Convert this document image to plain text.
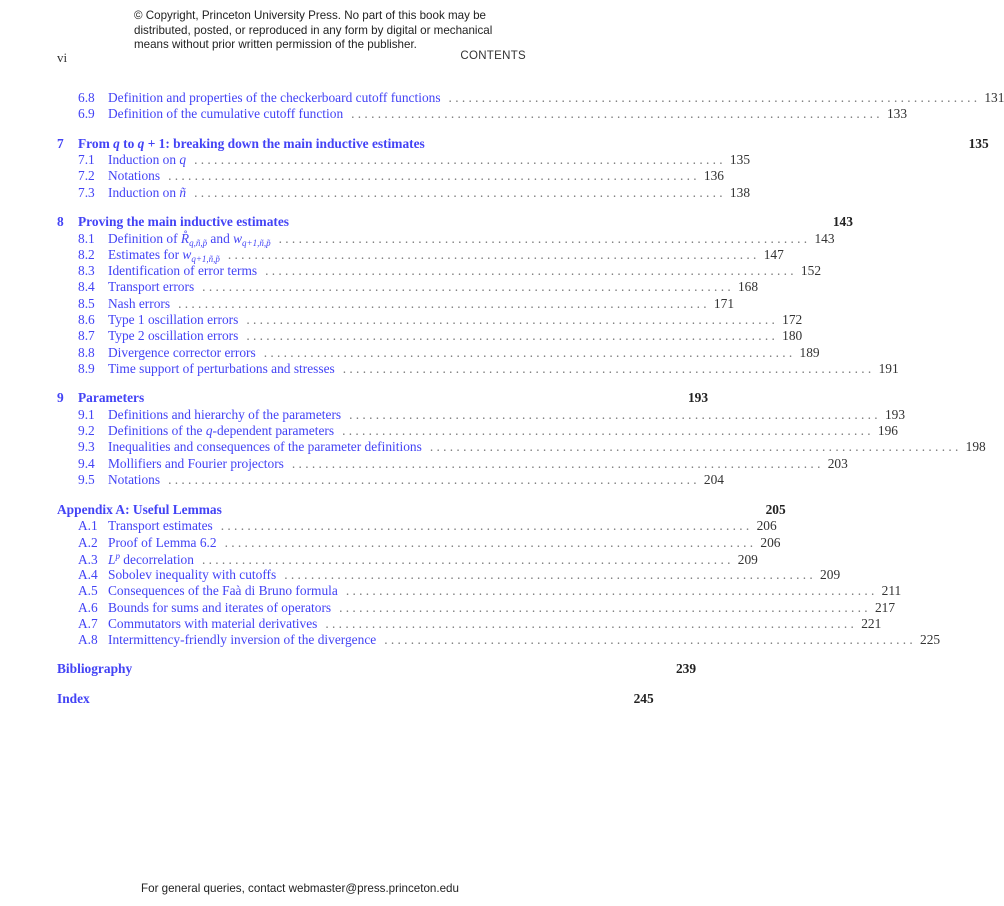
© Copyright, Princeton University Press. No part of this book may be distributed, posted, or reproduced in any form by digital or mechanical means without prior written permission of the publisher.
vi	CONTENTS
6.8 Definition and properties of the checkerboard cutoff functions ................................................................................ 131
6.9 Definition of the cumulative cutoff function ................................................................................ 133
7	From q to q + 1: breaking down the main inductive estimates	135
7.1 Induction on q ................................................................................ 135
7.2 Notations ................................................................................ 136
7.3 Induction on ñ ................................................................................ 138
8	Proving the main inductive estimates	143
8.1 Definition of $R̊_{q,ñ,p̃}$ and $w_{q+1,ñ,p̃}$ ................................................................................ 143
8.2 Estimates for $w_{q+1,ñ,p̃}$ ................................................................................ 147
8.3 Identification of error terms ................................................................................ 152
8.4 Transport errors ................................................................................ 168
8.5 Nash errors ................................................................................ 171
8.6 Type 1 oscillation errors ................................................................................ 172
8.7 Type 2 oscillation errors ................................................................................ 180
8.8 Divergence corrector errors ................................................................................ 189
8.9 Time support of perturbations and stresses ................................................................................ 191
9	Parameters	193
9.1 Definitions and hierarchy of the parameters ................................................................................ 193
9.2 Definitions of the q-dependent parameters ................................................................................ 196
9.3 Inequalities and consequences of the parameter definitions ................................................................................ 198
9.4 Mollifiers and Fourier projectors ................................................................................ 203
9.5 Notations ................................................................................ 204
Appendix A: Useful Lemmas	205
A.1 Transport estimates ................................................................................ 206
A.2 Proof of Lemma 6.2 ................................................................................ 206
A.3 $L^p$ decorrelation ................................................................................ 209
A.4 Sobolev inequality with cutoffs ................................................................................ 209
A.5 Consequences of the Faà di Bruno formula ................................................................................ 211
A.6 Bounds for sums and iterates of operators ................................................................................ 217
A.7 Commutators with material derivatives ................................................................................ 221
A.8 Intermittency-friendly inversion of the divergence ................................................................................ 225
Bibliography	239
Index	245
For general queries, contact webmaster@press.princeton.edu
